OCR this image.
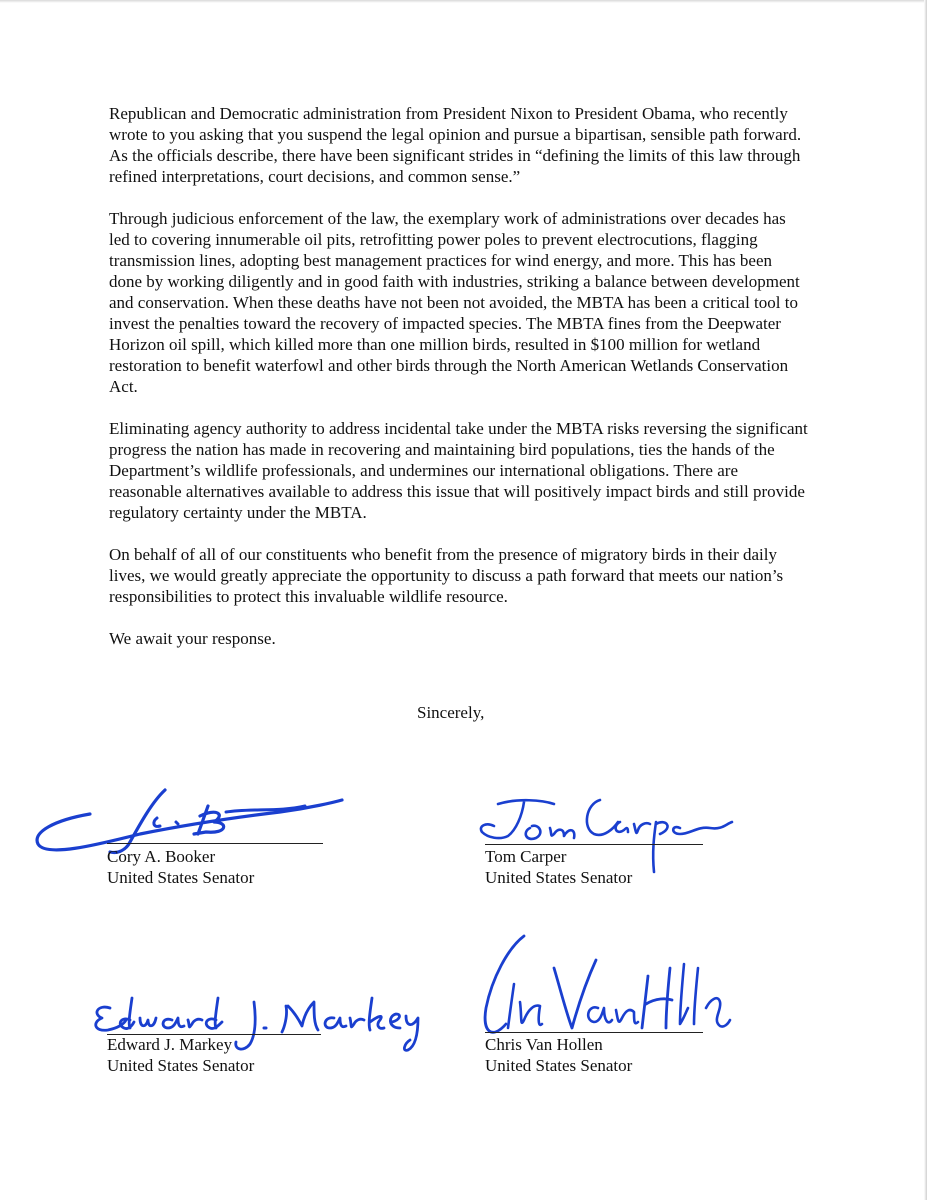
Republican and Democratic administration from President Nixon to President Obama, who recently wrote to you asking that you suspend the legal opinion and pursue a bipartisan, sensible path forward. As the officials describe, there have been significant strides in “defining the limits of this law through refined interpretations, court decisions, and common sense.”

Through judicious enforcement of the law, the exemplary work of administrations over decades has led to covering innumerable oil pits, retrofitting power poles to prevent electrocutions, flagging transmission lines, adopting best management practices for wind energy, and more. This has been done by working diligently and in good faith with industries, striking a balance between development and conservation. When these deaths have not been not avoided, the MBTA has been a critical tool to invest the penalties toward the recovery of impacted species. The MBTA fines from the Deepwater Horizon oil spill, which killed more than one million birds, resulted in $100 million for wetland restoration to benefit waterfowl and other birds through the North American Wetlands Conservation Act.

Eliminating agency authority to address incidental take under the MBTA risks reversing the significant progress the nation has made in recovering and maintaining bird populations, ties the hands of the Department’s wildlife professionals, and undermines our international obligations. There are reasonable alternatives available to address this issue that will positively impact birds and still provide regulatory certainty under the MBTA.

On behalf of all of our constituents who benefit from the presence of migratory birds in their daily lives, we would greatly appreciate the opportunity to discuss a path forward that meets our nation’s responsibilities to protect this invaluable wildlife resource.

We await your response.

Sincerely,
Cory A. Booker
United States Senator
Tom Carper
United States Senator
Edward J. Markey
United States Senator
Chris Van Hollen
United States Senator
